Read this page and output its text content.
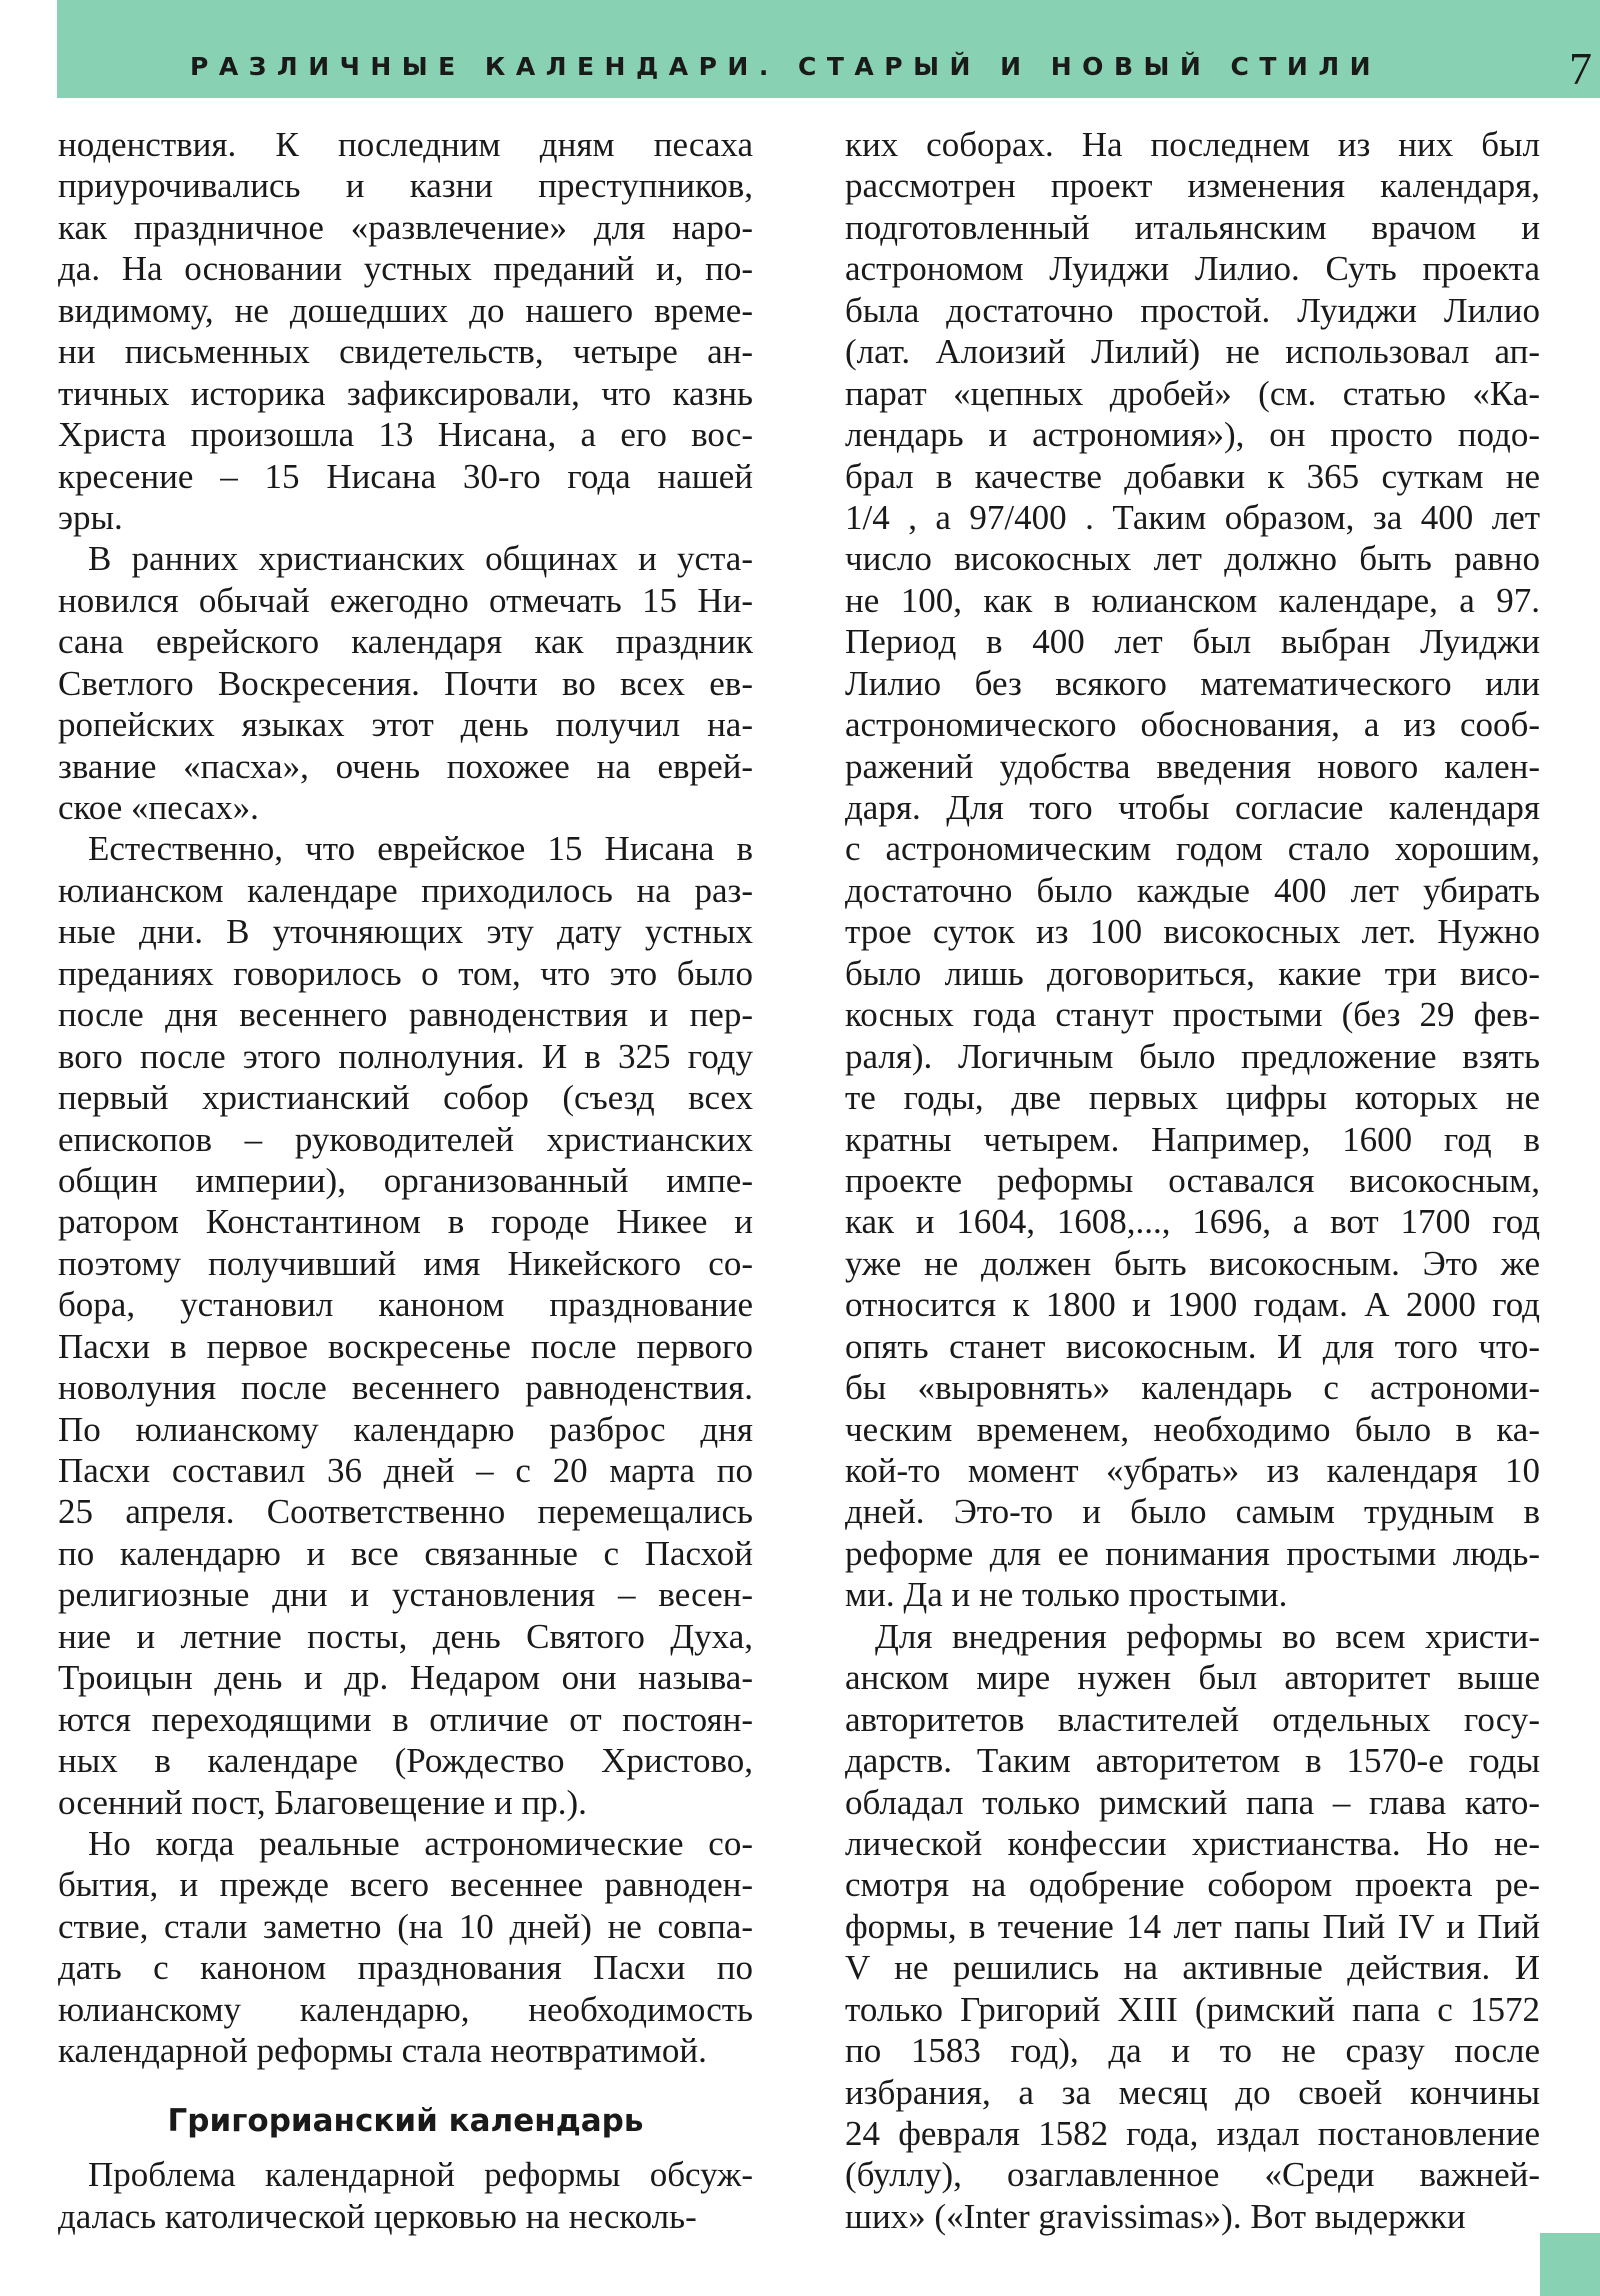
РАЗЛИЧНЫЕ КАЛЕНДАРИ. СТАРЫЙ И НОВЫЙ СТИЛИ	7
ноденствия. К последним дням песаха
приурочивались и казни преступников,
как праздничное «развлечение» для наро-
да. На основании устных преданий и, по-
видимому, не дошедших до нашего време-
ни письменных свидетельств, четыре ан-
тичных историка зафиксировали, что казнь
Христа произошла 13 Нисана, а его вос-
кресение – 15 Нисана 30-го года нашей
эры.
В ранних христианских общинах и уста-
новился обычай ежегодно отмечать 15 Ни-
сана еврейского календаря как праздник
Светлого Воскресения. Почти во всех ев-
ропейских языках этот день получил на-
звание «пасха», очень похожее на еврей-
ское «песах».
Естественно, что еврейское 15 Нисана в
юлианском календаре приходилось на раз-
ные дни. В уточняющих эту дату устных
преданиях говорилось о том, что это было
после дня весеннего равноденствия и пер-
вого после этого полнолуния. И в 325 году
первый христианский собор (съезд всех
епископов – руководителей христианских
общин империи), организованный импе-
ратором Константином в городе Никее и
поэтому получивший имя Никейского со-
бора, установил каноном празднование
Пасхи в первое воскресенье после первого
новолуния после весеннего равноденствия.
По юлианскому календарю разброс дня
Пасхи составил 36 дней – с 20 марта по
25 апреля. Соответственно перемещались
по календарю и все связанные с Пасхой
религиозные дни и установления – весен-
ние и летние посты, день Святого Духа,
Троицын день и др. Недаром они называ-
ются переходящими в отличие от постоян-
ных в календаре (Рождество Христово,
осенний пост, Благовещение и пр.).
Но когда реальные астрономические со-
бытия, и прежде всего весеннее равноден-
ствие, стали заметно (на 10 дней) не совпа-
дать с каноном празднования Пасхи по
юлианскому календарю, необходимость
календарной реформы стала неотвратимой.
Григорианский календарь
Проблема календарной реформы обсуж-
далась католической церковью на несколь-
ких соборах. На последнем из них был
рассмотрен проект изменения календаря,
подготовленный итальянским врачом и
астрономом Луиджи Лилио. Суть проекта
была достаточно простой. Луиджи Лилио
(лат. Алоизий Лилий) не использовал ап-
парат «цепных дробей» (см. статью «Ка-
лендарь и астрономия»), он просто подо-
брал в качестве добавки к 365 суткам не
1/4 , а 97/400 . Таким образом, за 400 лет
число високосных лет должно быть равно
не 100, как в юлианском календаре, а 97.
Период в 400 лет был выбран Луиджи
Лилио без всякого математического или
астрономического обоснования, а из сооб-
ражений удобства введения нового кален-
даря. Для того чтобы согласие календаря
с астрономическим годом стало хорошим,
достаточно было каждые 400 лет убирать
трое суток из 100 високосных лет. Нужно
было лишь договориться, какие три висо-
косных года станут простыми (без 29 фев-
раля). Логичным было предложение взять
те годы, две первых цифры которых не
кратны четырем. Например, 1600 год в
проекте реформы оставался високосным,
как и 1604, 1608,..., 1696, а вот 1700 год
уже не должен быть високосным. Это же
относится к 1800 и 1900 годам. А 2000 год
опять станет високосным. И для того что-
бы «выровнять» календарь с астрономи-
ческим временем, необходимо было в ка-
кой-то момент «убрать» из календаря 10
дней. Это-то и было самым трудным в
реформе для ее понимания простыми людь-
ми. Да и не только простыми.
Для внедрения реформы во всем христи-
анском мире нужен был авторитет выше
авторитетов властителей отдельных госу-
дарств. Таким авторитетом в 1570-е годы
обладал только римский папа – глава като-
лической конфессии христианства. Но не-
смотря на одобрение собором проекта ре-
формы, в течение 14 лет папы Пий IV и Пий
V не решились на активные действия. И
только Григорий XIII (римский папа с 1572
по 1583 год), да и то не сразу после
избрания, а за месяц до своей кончины
24 февраля 1582 года, издал постановление
(буллу), озаглавленное «Среди важней-
ших» («Inter gravissimas»). Вот выдержки
